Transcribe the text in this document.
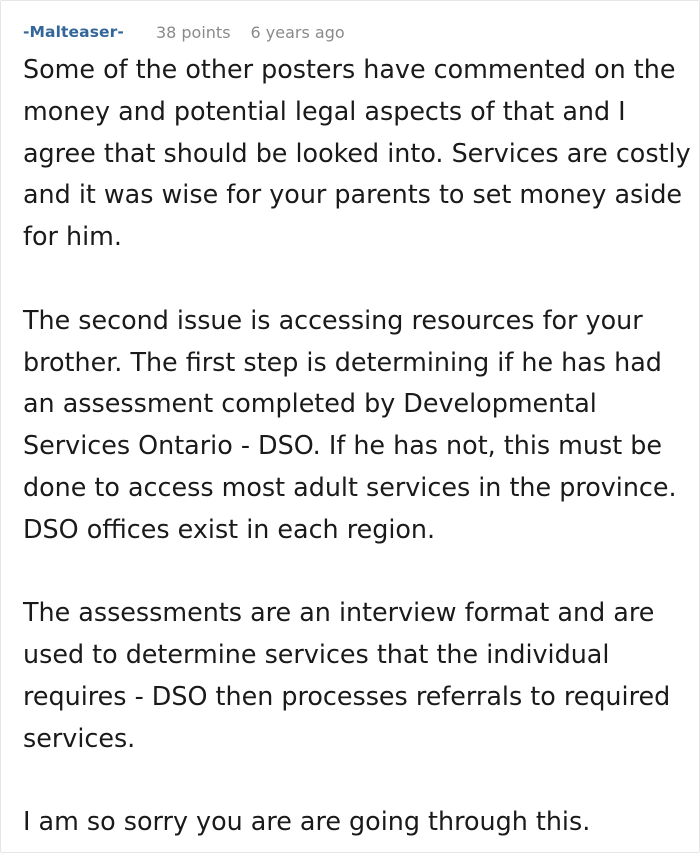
-Malteaser- 38 points 6 years ago

Some of the other posters have commented on the money and potential legal aspects of that and I agree that should be looked into. Services are costly and it was wise for your parents to set money aside for him.

The second issue is accessing resources for your brother. The first step is determining if he has had an assessment completed by Developmental Services Ontario - DSO. If he has not, this must be done to access most adult services in the province. DSO offices exist in each region.

The assessments are an interview format and are used to determine services that the individual requires - DSO then processes referrals to required services.

I am so sorry you are are going through this.
